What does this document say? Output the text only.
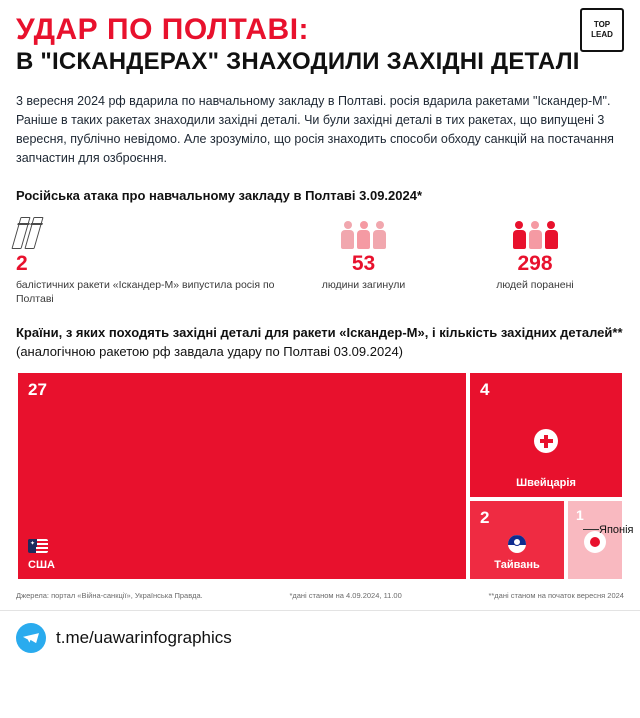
УДАР ПО ПОЛТАВІ:
В "ІСКАНДЕРАХ" ЗНАХОДИЛИ ЗАХІДНІ ДЕТАЛІ
TOP
LEAD
3 вересня 2024 рф вдарила по навчальному закладу в Полтаві. росія вдарила ракетами "Іскандер-М". Раніше в таких ракетах знаходили західні деталі. Чи були західні деталі в тих ракетах, що випущені 3 вересня, публічно невідомо. Але зрозуміло, що росія знаходить способи обходу санкцій на постачання запчастин для озброєння.
Російська атака про навчальному закладу в Полтаві 3.09.2024*
2
балістичних ракети «Іскандер-М» випустила росія по Полтаві
53
людини загинули
298
людей поранені
Країни, з яких походять західні деталі для ракети «Іскандер-М», і кількість західних деталей** (аналогічною ракетою рф завдала удару по Полтаві 03.09.2024)
27
✦
США
4
Швейцарія
2
Тайвань
1
Японія
Джерела: портал «Війна-санкції», Українська Правда.	*дані станом на 4.09.2024, 11.00	**дані станом на початок вересня 2024
t.me/uawarinfographics
